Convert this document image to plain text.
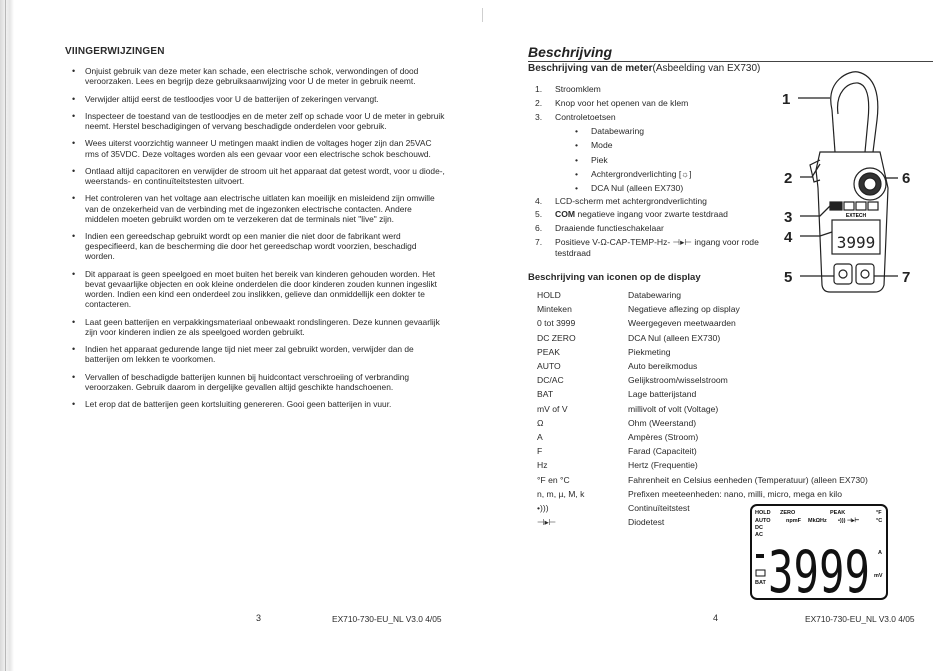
VIINGERWIJZINGEN
• Onjuist gebruik van deze meter kan schade, een electrische schok, verwondingen of dood veroorzaken. Lees en begrijp deze gebruiksaanwijzing voor U de meter in gebruik neemt.
• Verwijder altijd eerst de testloodjes voor U de batterijen of zekeringen vervangt.
• Inspecteer de toestand van de testloodjes en de meter zelf op schade voor U de meter in gebruik neemt. Herstel beschadigingen of vervang beschadigde onderdelen voor gebruik.
• Wees uiterst voorzichtig wanneer U metingen maakt indien de voltages hoger zijn dan 25VAC rms of 35VDC. Deze voltages worden als een gevaar voor een electrische schok beschouwd.
• Ontlaad altijd capacitoren en verwijder de stroom uit het apparaat dat getest wordt, voor u diode-, weerstands- en continuïteitstesten uitvoert.
• Het controleren van het voltage aan electrische uitlaten kan moeilijk en misleidend zijn omwille van de onzekerheid van de verbinding met de ingezonken electrische contacten. Andere middelen moeten gebruikt worden om te verzekeren dat de terminals niet "live" zijn.
• Indien een gereedschap gebruikt wordt op een manier die niet door de fabrikant werd gespecifieerd, kan de bescherming die door het gereedschap wordt voorzien, beschadigd worden.
• Dit apparaat is geen speelgoed en moet buiten het bereik van kinderen gehouden worden. Het bevat gevaarlijke objecten en ook kleine onderdelen die door kinderen zouden kunnen ingeslikt worden. Indien een kind een onderdeel zou inslikken, gelieve dan onmiddellijk een dokter te contacteren.
• Laat geen batterijen en verpakkingsmateriaal onbewaakt rondslingeren. Deze kunnen gevaarlijk zijn voor kinderen indien ze als speelgoed worden gebruikt.
• Indien het apparaat gedurende lange tijd niet meer zal gebruikt worden, verwijder dan de batterijen om lekken te voorkomen.
• Vervallen of beschadigde batterijen kunnen bij huidcontact verschroeiing of verbranding veroorzaken. Gebruik daarom in dergelijke gevallen altijd geschikte handschoenen.
• Let erop dat de batterijen geen kortsluiting genereren. Gooi geen batterijen in vuur.
3	EX710-730-EU_NL V3.0 4/05
Beschrijving
Beschrijving van de meter(Asbeelding van EX730)
1. Stroomklem
2. Knop voor het openen van de klem
3. Controletoetsen
• Databewaring
• Mode
• Piek
• Achtergrondverlichting [☼]
• DCA Nul (alleen EX730)
4. LCD-scherm met achtergrondverlichting
5. COM negatieve ingang voor zwarte testdraad
6. Draaiende functieschakelaar
7. Positieve V-Ω-CAP-TEMP-Hz- ⊣▸⊢ ingang voor rode
testdraad
Beschrijving van iconen op de display
HOLD	Databewaring
Minteken	Negatieve aflezing op display
0 tot 3999	Weergegeven meetwaarden
DC ZERO	DCA Nul (alleen EX730)
PEAK	Piekmeting
AUTO	Auto bereikmodus
DC/AC	Gelijkstroom/wisselstroom
BAT	Lage batterijstand
mV of V	millivolt of volt (Voltage)
Ω	Ohm (Weerstand)
A	Ampères (Stroom)
F	Farad (Capaciteit)
Hz	Hertz (Frequentie)
°F en °C	Fahrenheit en Celsius eenheden (Temperatuur) (alleen EX730)
n, m, µ, M, k	Prefixen meeteenheden: nano, milli, micro, mega en kilo
•)))	Continuïteitstest
⊣▸⊢	Diodetest
EXTECH
3999
1
2
3
4
5
6
7
HOLD ZERO	PEAK	°F
AUTO	npmF MkΩHz •))) ⊣▸⊢	°C
DC
AC
BAT
A
mV
3999
4	EX710-730-EU_NL V3.0 4/05
